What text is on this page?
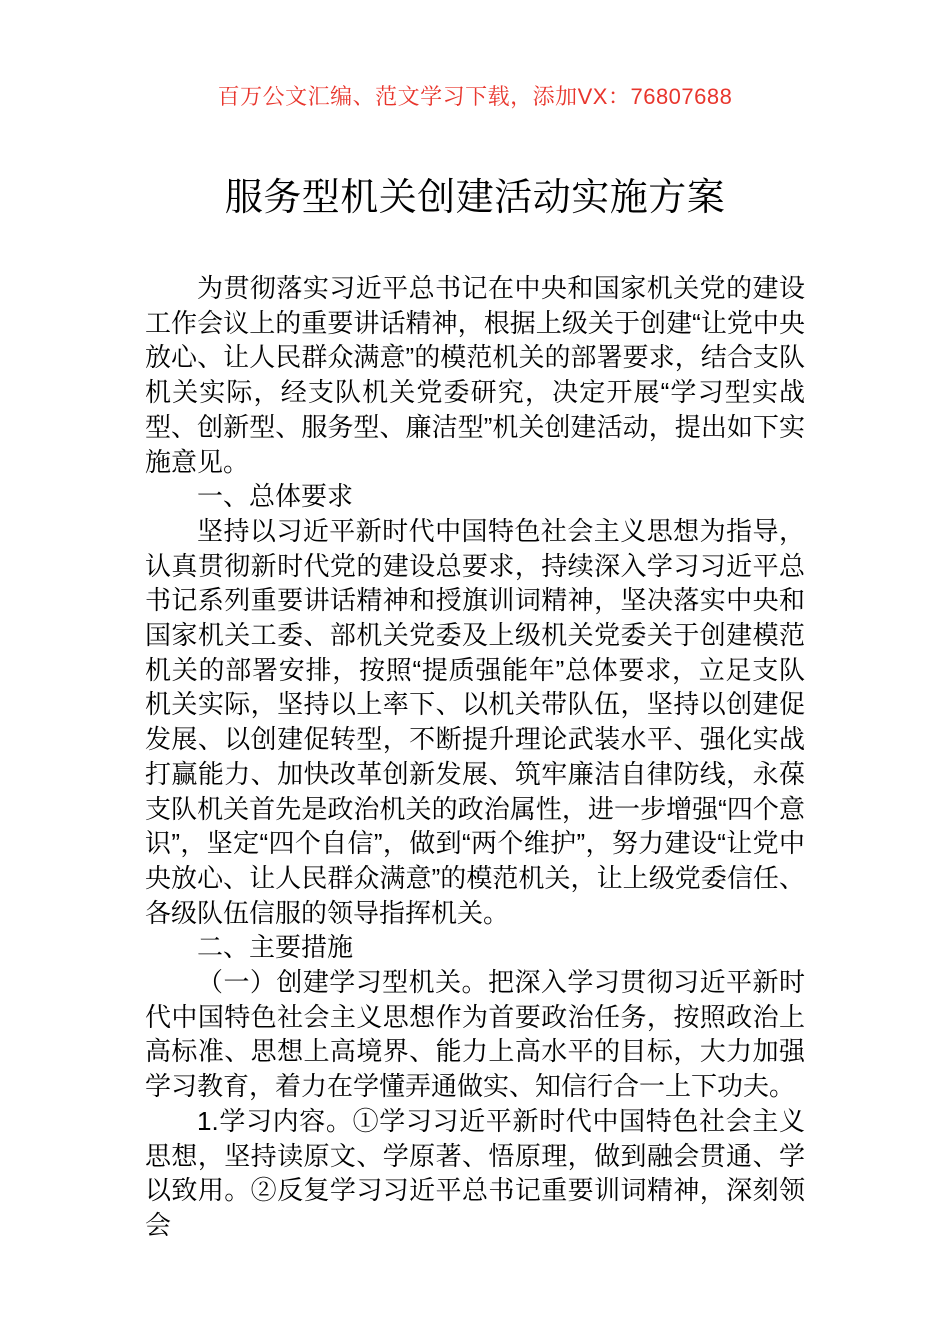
百万公文汇编、范文学习下载，添加VX：76807688
服务型机关创建活动实施方案

为贯彻落实习近平总书记在中央和国家机关党的建设工作会议上的重要讲话精神，根据上级关于创建“让党中央放心、让人民群众满意”的模范机关的部署要求，结合支队机关实际，经支队机关党委研究，决定开展“学习型实战型、创新型、服务型、廉洁型”机关创建活动，提出如下实施意见。

一、总体要求

坚持以习近平新时代中国特色社会主义思想为指导，认真贯彻新时代党的建设总要求，持续深入学习习近平总书记系列重要讲话精神和授旗训词精神，坚决落实中央和国家机关工委、部机关党委及上级机关党委关于创建模范机关的部署安排，按照“提质强能年”总体要求，立足支队机关实际，坚持以上率下、以机关带队伍，坚持以创建促发展、以创建促转型，不断提升理论武装水平、强化实战打赢能力、加快改革创新发展、筑牢廉洁自律防线，永葆支队机关首先是政治机关的政治属性，进一步增强“四个意识”，坚定“四个自信”，做到“两个维护”，努力建设“让党中央放心、让人民群众满意”的模范机关，让上级党委信任、各级队伍信服的领导指挥机关。

二、主要措施

（一）创建学习型机关。把深入学习贯彻习近平新时代中国特色社会主义思想作为首要政治任务，按照政治上高标准、思想上高境界、能力上高水平的目标，大力加强学习教育，着力在学懂弄通做实、知信行合一上下功夫。

1.学习内容。①学习习近平新时代中国特色社会主义思想，坚持读原文、学原著、悟原理，做到融会贯通、学以致用。②反复学习习近平总书记重要训词精神，深刻领会
